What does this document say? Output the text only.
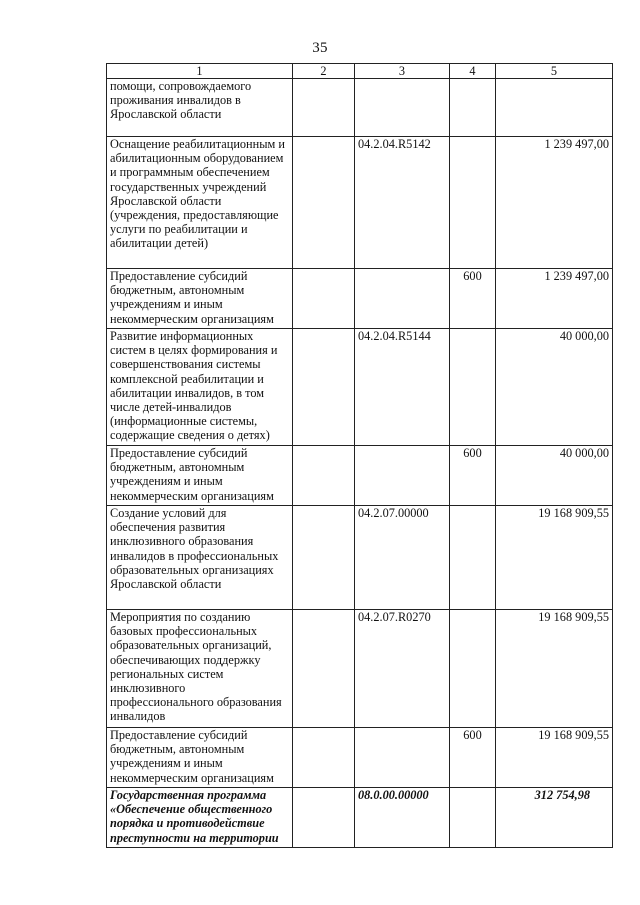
35
1	2	3	4	5
помощи, сопровождаемого проживания инвалидов в Ярославской области				
Оснащение реабилитационным и абилитационным оборудованием и программным обеспечением государственных учреждений Ярославской области (учреждения, предоставляющие услуги по реабилитации и абилитации детей)		04.2.04.R5142		1 239 497,00
Предоставление субсидий бюджетным, автономным учреждениям и иным некоммерческим организациям			600	1 239 497,00
Развитие информационных систем в целях формирования и совершенствования системы комплексной реабилитации и абилитации инвалидов, в том числе детей-инвалидов (информационные системы, содержащие сведения о детях)		04.2.04.R5144		40 000,00
Предоставление субсидий бюджетным, автономным учреждениям и иным некоммерческим организациям			600	40 000,00
Создание условий для обеспечения развития инклюзивного образования инвалидов в профессиональных образовательных организациях Ярославской области		04.2.07.00000		19 168 909,55
Мероприятия по созданию базовых профессиональных образовательных организаций, обеспечивающих поддержку региональных систем инклюзивного профессионального образования инвалидов		04.2.07.R0270		19 168 909,55
Предоставление субсидий бюджетным, автономным учреждениям и иным некоммерческим организациям			600	19 168 909,55
Государственная программа «Обеспечение общественного порядка и противодействие преступности на территории		08.0.00.00000		312 754,98
